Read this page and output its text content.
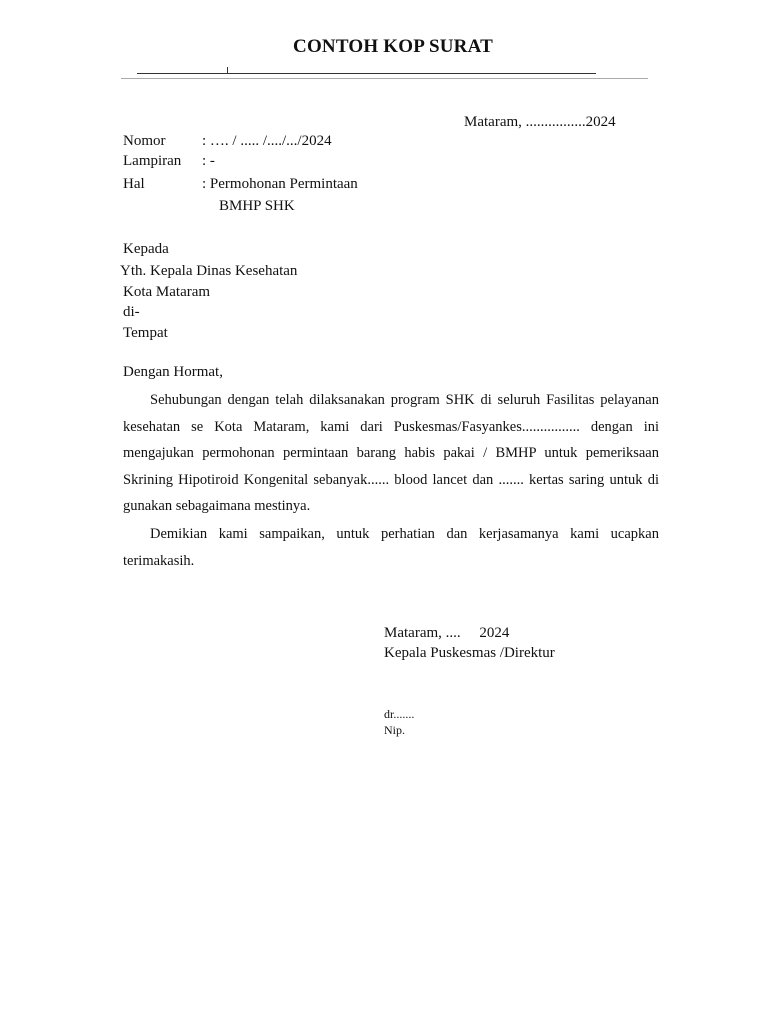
CONTOH KOP SURAT
Mataram, ................2024
Nomor : …. / ..... /..../.../2024
Lampiran : -
Hal	: Permohonan Permintaan
BMHP SHK
Kepada
Yth. Kepala Dinas Kesehatan
Kota Mataram
di-
Tempat
Dengan Hormat,

Sehubungan dengan telah dilaksanakan program SHK di seluruh Fasilitas pelayanan kesehatan se Kota Mataram, kami dari Puskesmas/Fasyankes................ dengan ini mengajukan permohonan permintaan barang habis pakai / BMHP untuk pemeriksaan Skrining Hipotiroid Kongenital sebanyak...... blood lancet dan ....... kertas saring untuk di gunakan sebagaimana mestinya.

Demikian kami sampaikan, untuk perhatian dan kerjasamanya kami ucapkan terimakasih.

Mataram, ....     2024
Kepala Puskesmas /Direktur
dr.......
Nip.
